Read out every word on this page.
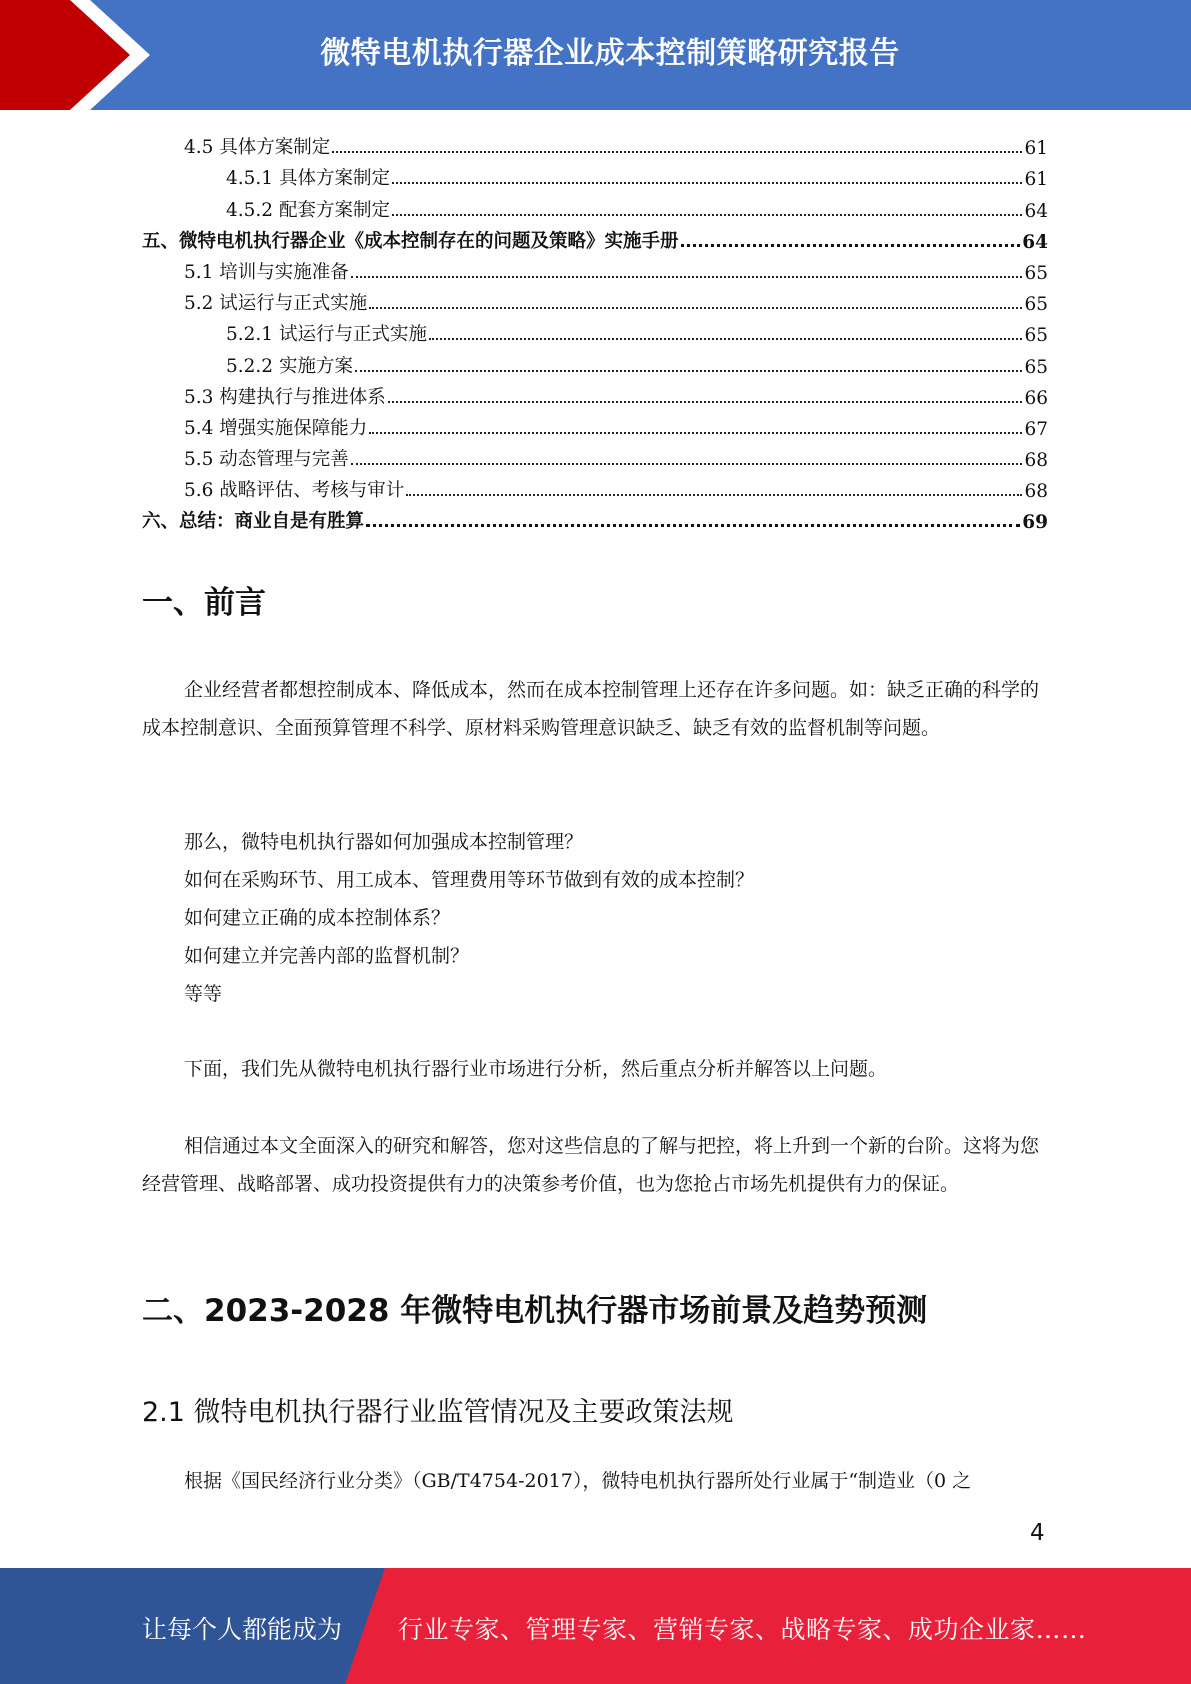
微特电机执行器企业成本控制策略研究报告
4.5 具体方案制定	61
4.5.1 具体方案制定	61
4.5.2 配套方案制定	64
五、微特电机执行器企业《成本控制存在的问题及策略》实施手册	64
5.1 培训与实施准备	65
5.2 试运行与正式实施	65
5.2.1 试运行与正式实施	65
5.2.2 实施方案	65
5.3 构建执行与推进体系	66
5.4 增强实施保障能力	67
5.5 动态管理与完善	68
5.6 战略评估、考核与审计	68
六、总结：商业自是有胜算	69
一、前言

企业经营者都想控制成本、降低成本，然而在成本控制管理上还存在许多问题。如：缺乏正确的科学的成本控制意识、全面预算管理不科学、原材料采购管理意识缺乏、缺乏有效的监督机制等问题。

那么，微特电机执行器如何加强成本控制管理？
如何在采购环节、用工成本、管理费用等环节做到有效的成本控制？
如何建立正确的成本控制体系？
如何建立并完善内部的监督机制？
等等

下面，我们先从微特电机执行器行业市场进行分析，然后重点分析并解答以上问题。

相信通过本文全面深入的研究和解答，您对这些信息的了解与把控，将上升到一个新的台阶。这将为您经营管理、战略部署、成功投资提供有力的决策参考价值，也为您抢占市场先机提供有力的保证。

二、2023-2028 年微特电机执行器市场前景及趋势预测
2.1 微特电机执行器行业监管情况及主要政策法规

根据《国民经济行业分类》（GB/T4754-2017），微特电机执行器所处行业属于“制造业（0 之

4
让每个人都能成为 行业专家、管理专家、营销专家、战略专家、成功企业家……
